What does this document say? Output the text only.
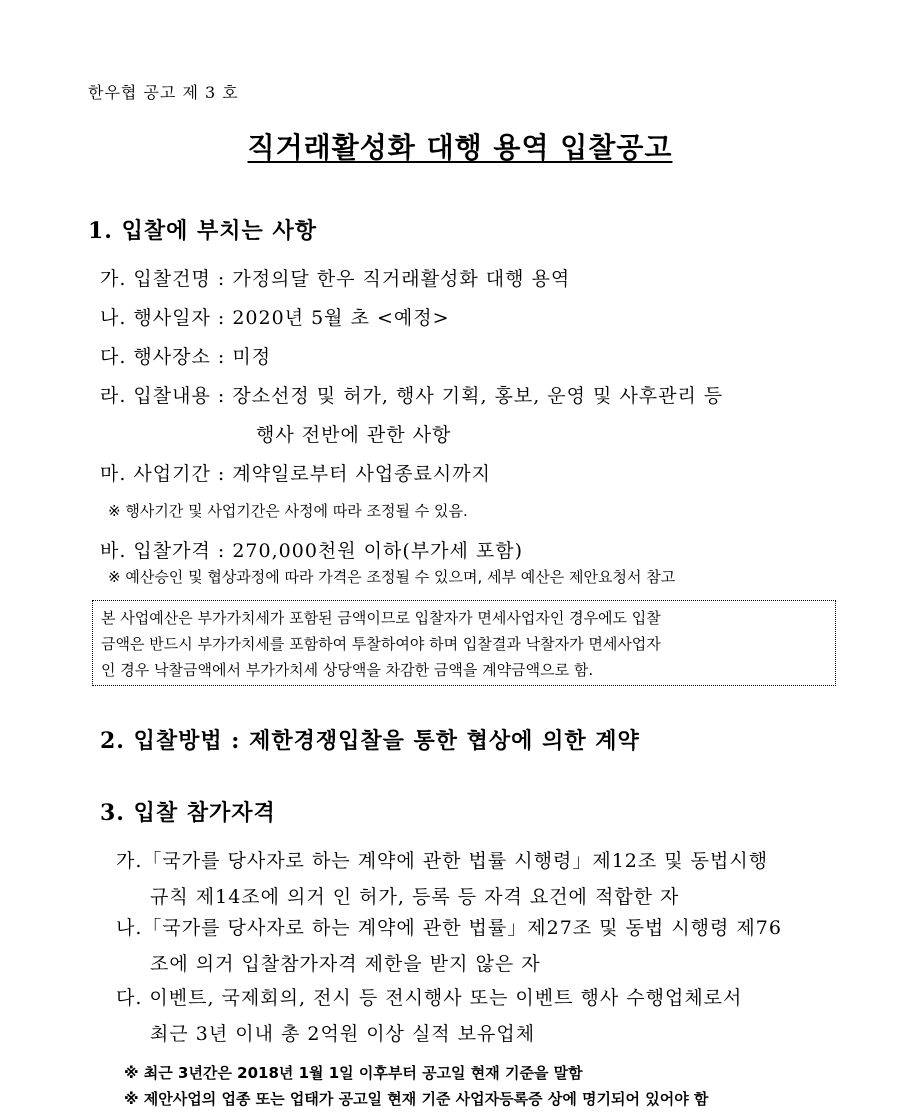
한우협 공고 제 3 호
직거래활성화 대행 용역 입찰공고
1. 입찰에 부치는 사항
가. 입찰건명 : 가정의달 한우 직거래활성화 대행 용역
나. 행사일자 : 2020년 5월 초 <예정>
다. 행사장소 : 미정
라. 입찰내용 : 장소선정 및 허가, 행사 기획, 홍보, 운영 및 사후관리 등
행사 전반에 관한 사항
마. 사업기간 : 계약일로부터 사업종료시까지
※ 행사기간 및 사업기간은 사정에 따라 조정될 수 있음.
바. 입찰가격 : 270,000천원 이하(부가세 포함)
※ 예산승인 및 협상과정에 따라 가격은 조정될 수 있으며, 세부 예산은 제안요청서 참고
본 사업예산은 부가가치세가 포함된 금액이므로 입찰자가 면세사업자인 경우에도 입찰
금액은 반드시 부가가치세를 포함하여 투찰하여야 하며 입찰결과 낙찰자가 면세사업자
인 경우 낙찰금액에서 부가가치세 상당액을 차감한 금액을 계약금액으로 함.
2. 입찰방법 : 제한경쟁입찰을 통한 협상에 의한 계약
3. 입찰 참가자격
가.「국가를 당사자로 하는 계약에 관한 법률 시행령」제12조 및 동법시행
규칙 제14조에 의거 인 허가, 등록 등 자격 요건에 적합한 자
나.「국가를 당사자로 하는 계약에 관한 법률」제27조 및 동법 시행령 제76
조에 의거 입찰참가자격 제한을 받지 않은 자
다. 이벤트, 국제회의, 전시 등 전시행사 또는 이벤트 행사 수행업체로서
최근 3년 이내 총 2억원 이상 실적 보유업체
※ 최근 3년간은 2018년 1월 1일 이후부터 공고일 현재 기준을 말함
※ 제안사업의 업종 또는 업태가 공고일 현재 기준 사업자등록증 상에 명기되어 있어야 함
